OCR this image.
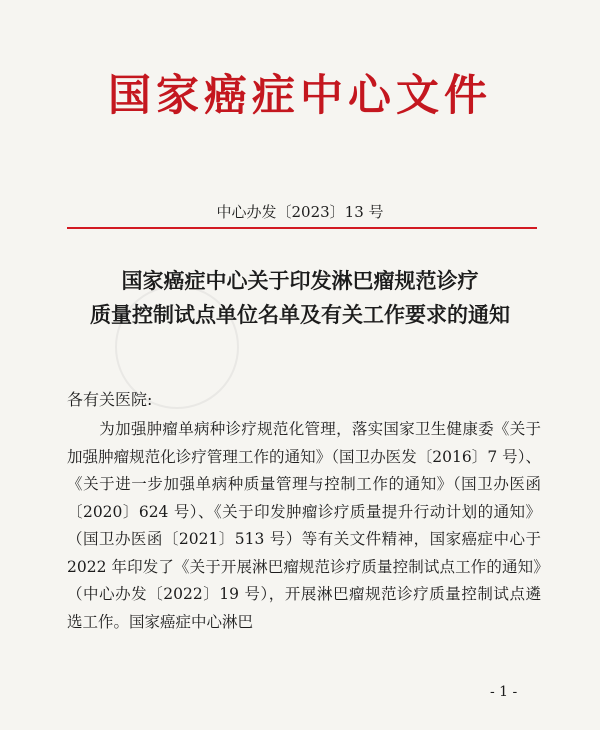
国家癌症中心文件
中心办发〔2023〕13 号
国家癌症中心关于印发淋巴瘤规范诊疗
质量控制试点单位名单及有关工作要求的通知
各有关医院:
为加强肿瘤单病种诊疗规范化管理，落实国家卫生健康委《关于加强肿瘤规范化诊疗管理工作的通知》（国卫办医发〔2016〕7 号）、《关于进一步加强单病种质量管理与控制工作的通知》（国卫办医函〔2020〕624 号）、《关于印发肿瘤诊疗质量提升行动计划的通知》（国卫办医函〔2021〕513 号）等有关文件精神，国家癌症中心于 2022 年印发了《关于开展淋巴瘤规范诊疗质量控制试点工作的通知》（中心办发〔2022〕19 号），开展淋巴瘤规范诊疗质量控制试点遴选工作。国家癌症中心淋巴
- 1 -
